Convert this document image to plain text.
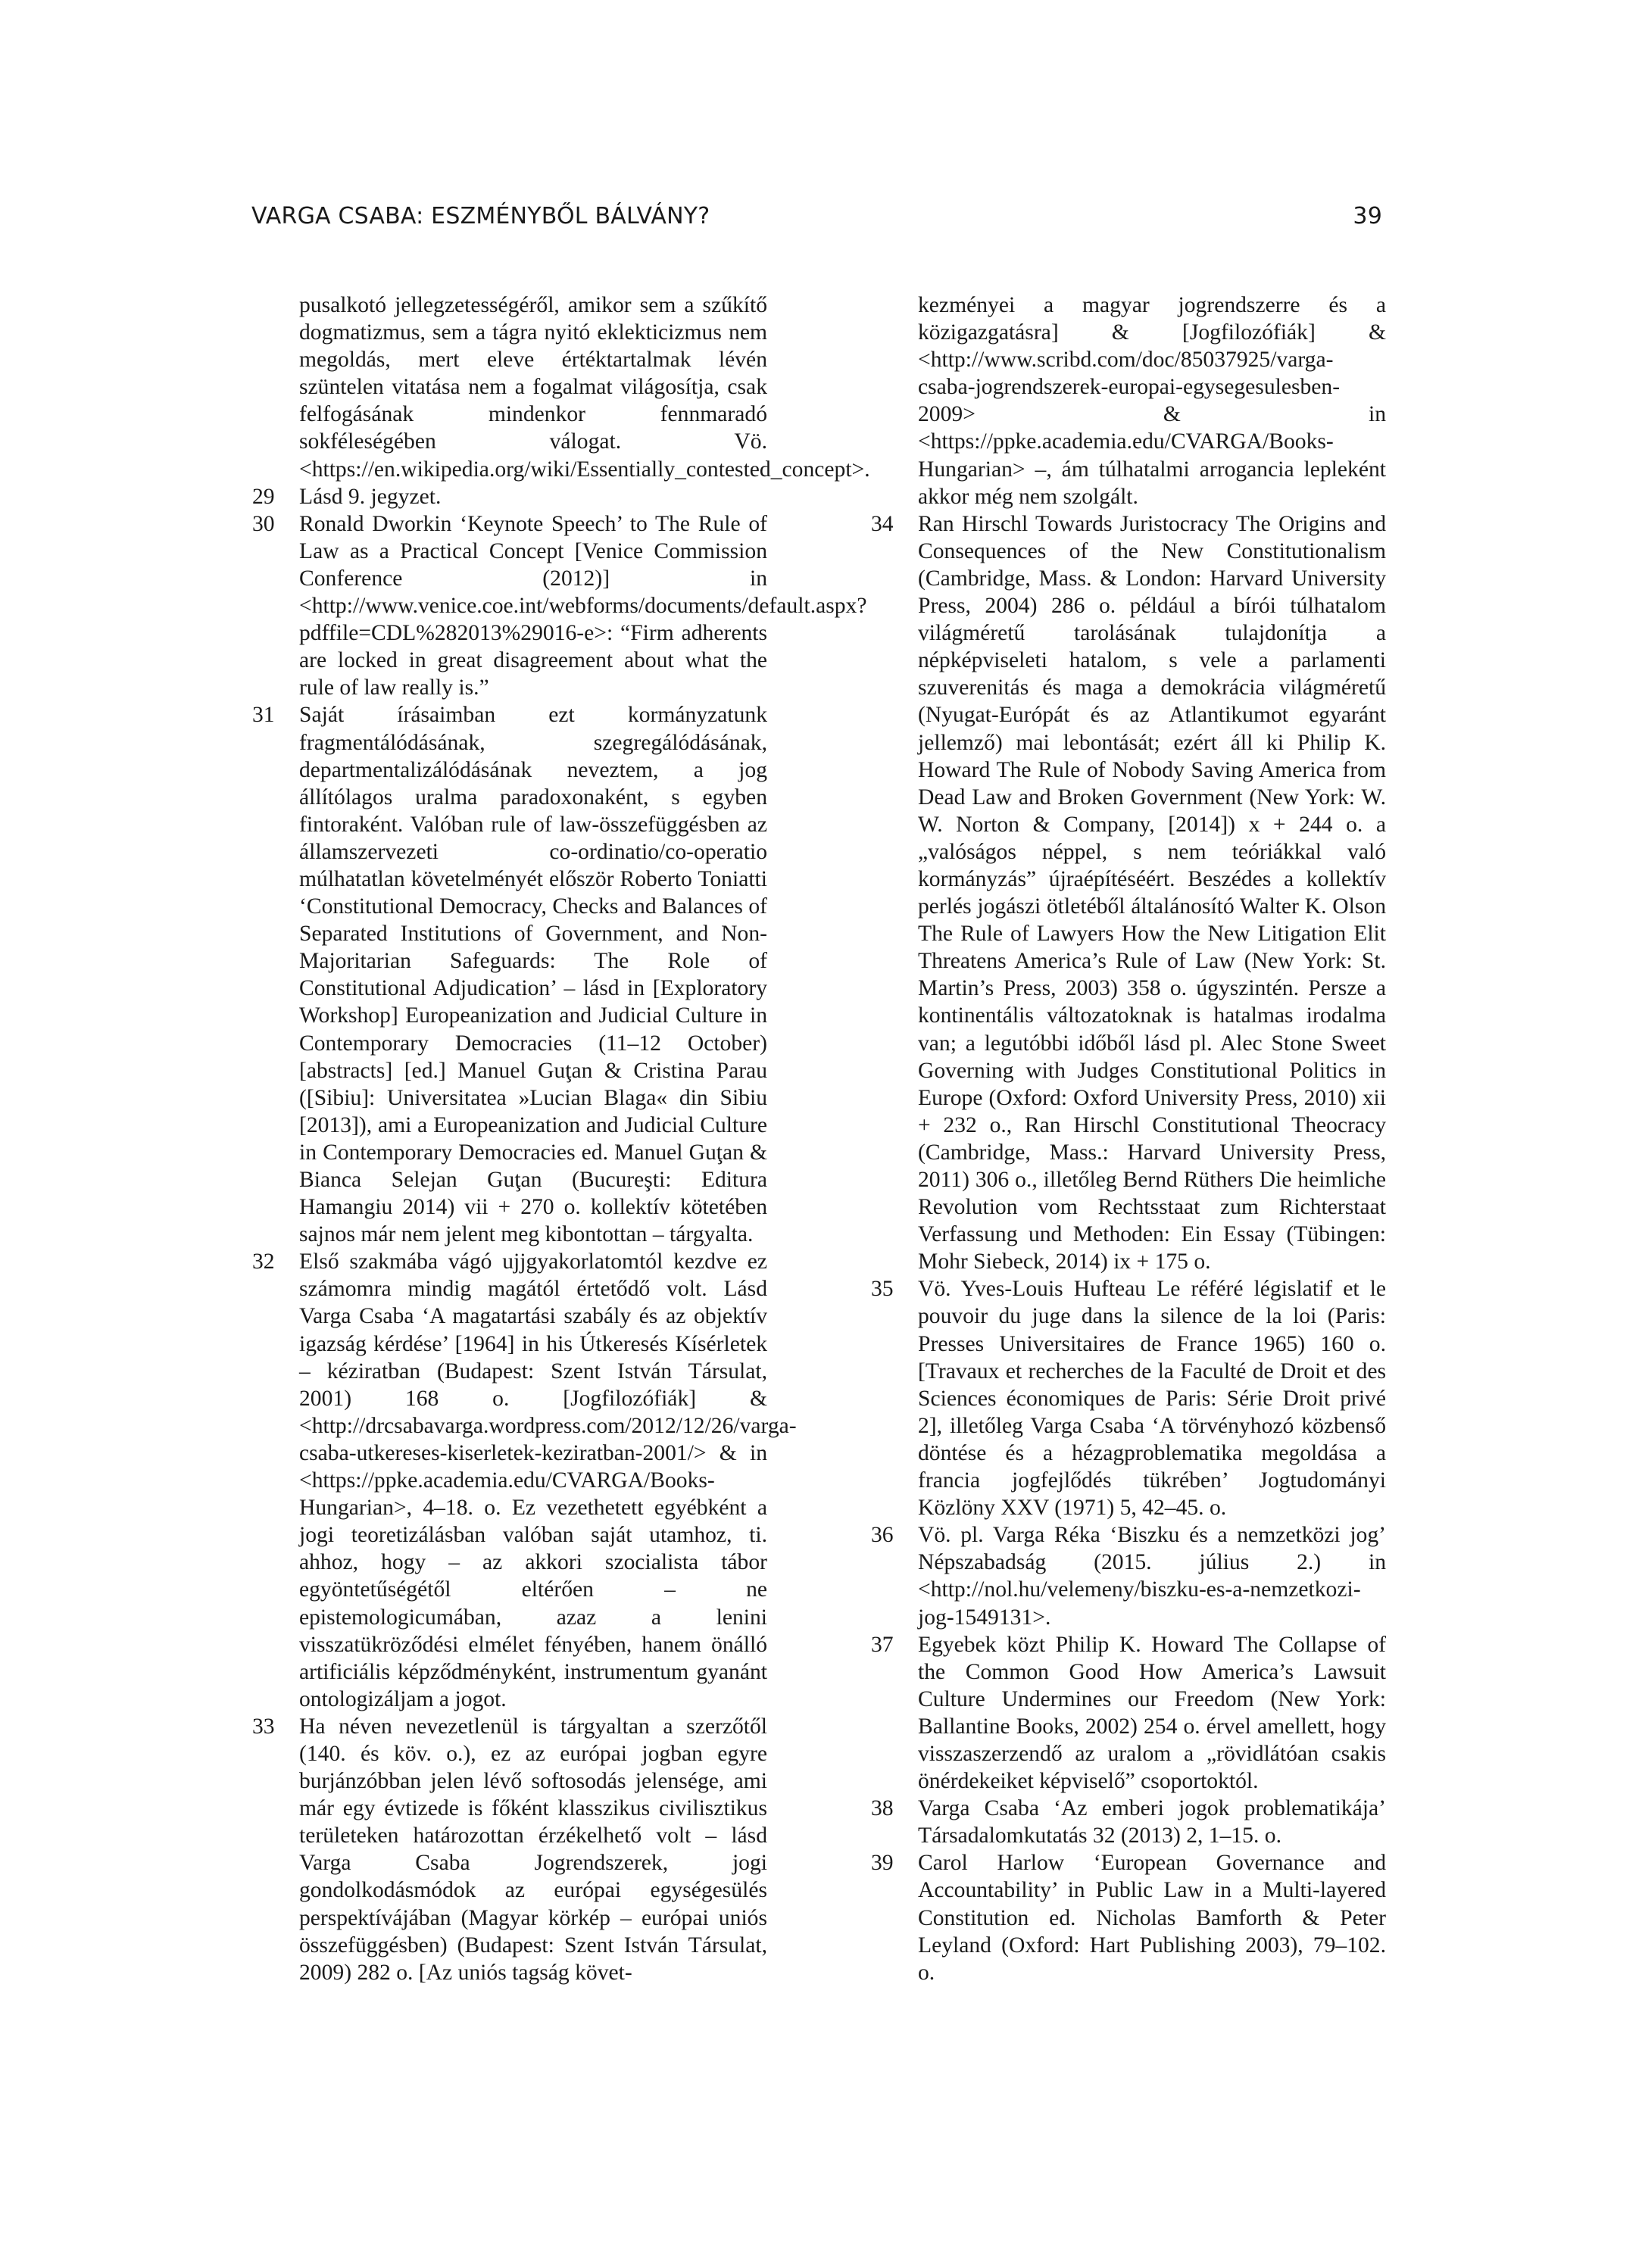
VARGA CSABA: ESZMÉNYBŐL BÁLVÁNY?	39
pusalkotó jellegzetességéről, amikor sem a szűkítő dogmatizmus, sem a tágra nyitó eklekticizmus nem megoldás, mert eleve értéktartalmak lévén szüntelen vitatása nem a fogalmat világosítja, csak felfogásának mindenkor fennmaradó sokféleségében válogat. Vö. <https://en.wikipedia.org/wiki/Essentially_contested_concept>.
29 Lásd 9. jegyzet.
30 Ronald Dworkin ‘Keynote Speech’ to The Rule of Law as a Practical Concept [Venice Commission Conference (2012)] in <http://www.venice.coe.int/webforms/documents/default.aspx?pdffile=CDL%282013%29016-e>: “Firm adherents are locked in great disagreement about what the rule of law really is.”
31 Saját írásaimban ezt kormányzatunk fragmentálódásának, szegregálódásának, departmentalizálódásának neveztem, a jog állítólagos uralma paradoxonaként, s egyben fintoraként. Valóban rule of law-összefüggésben az államszervezeti co-ordinatio/co-operatio múlhatatlan követelményét először Roberto Toniatti ‘Constitutional Democracy, Checks and Balances of Separated Institutions of Government, and Non-Majoritarian Safeguards: The Role of Constitutional Adjudication’ – lásd in [Exploratory Workshop] Europeanization and Judicial Culture in Contemporary Democracies (11–12 October) [abstracts] [ed.] Manuel Guţan & Cristina Parau ([Sibiu]: Universitatea »Lucian Blaga« din Sibiu [2013]), ami a Europeanization and Judicial Culture in Contemporary Democracies ed. Manuel Guţan & Bianca Selejan Guţan (Bucureşti: Editura Hamangiu 2014) vii + 270 o. kollektív kötetében sajnos már nem jelent meg kibontottan – tárgyalta.
32 Első szakmába vágó ujjgyakorlatomtól kezdve ez számomra mindig magától értetődő volt. Lásd Varga Csaba ‘A magatartási szabály és az objektív igazság kérdése’ [1964] in his Útkeresés Kísérletek – kéziratban (Budapest: Szent István Társulat, 2001) 168 o. [Jogfilozófiák] & <http://drcsabavarga.wordpress.com/2012/12/26/varga-csaba-utkereses-kiserletek-keziratban-2001/> & in <https://ppke.academia.edu/CVARGA/Books-Hungarian>, 4–18. o. Ez vezethetett egyébként a jogi teoretizálásban valóban saját utamhoz, ti. ahhoz, hogy – az akkori szocialista tábor egyöntetűségétől eltérően – ne epistemologicumában, azaz a lenini visszatükröződési elmélet fényében, hanem önálló artificiális képződményként, instrumentum gyanánt ontologizáljam a jogot.
33 Ha néven nevezetlenül is tárgyaltan a szerzőtől (140. és köv. o.), ez az európai jogban egyre burjánzóbban jelen lévő softosodás jelensége, ami már egy évtizede is főként klasszikus civilisztikus területeken határozottan érzékelhető volt – lásd Varga Csaba Jogrendszerek, jogi gondolkodásmódok az európai egységesülés perspektívájában (Magyar körkép – európai uniós összefüggésben) (Budapest: Szent István Társulat, 2009) 282 o. [Az uniós tagság követ-
kezményei a magyar jogrendszerre és a közigazgatásra] & [Jogfilozófiák] & <http://www.scribd.com/doc/85037925/varga-csaba-jogrendszerek-europai-egysegesulesben-2009> & in <https://ppke.academia.edu/CVARGA/Books-Hungarian> –, ám túlhatalmi arrogancia lepleként akkor még nem szolgált.
34 Ran Hirschl Towards Juristocracy The Origins and Consequences of the New Constitutionalism (Cambridge, Mass. & London: Harvard University Press, 2004) 286 o. például a bírói túlhatalom világméretű tarolásának tulajdonítja a népképviseleti hatalom, s vele a parlamenti szuverenitás és maga a demokrácia világméretű (Nyugat-Európát és az Atlantikumot egyaránt jellemző) mai lebontását; ezért áll ki Philip K. Howard The Rule of Nobody Saving America from Dead Law and Broken Government (New York: W. W. Norton & Company, [2014]) x + 244 o. a „valóságos néppel, s nem teóriákkal való kormányzás” újraépítéséért. Beszédes a kollektív perlés jogászi ötletéből általánosító Walter K. Olson The Rule of Lawyers How the New Litigation Elit Threatens America’s Rule of Law (New York: St. Martin’s Press, 2003) 358 o. úgyszintén. Persze a kontinentális változatoknak is hatalmas irodalma van; a legutóbbi időből lásd pl. Alec Stone Sweet Governing with Judges Constitutional Politics in Europe (Oxford: Oxford University Press, 2010) xii + 232 o., Ran Hirschl Constitutional Theocracy (Cambridge, Mass.: Harvard University Press, 2011) 306 o., illetőleg Bernd Rüthers Die heimliche Revolution vom Rechtsstaat zum Richterstaat Verfassung und Methoden: Ein Essay (Tübingen: Mohr Siebeck, 2014) ix + 175 o.
35 Vö. Yves-Louis Hufteau Le référé législatif et le pouvoir du juge dans la silence de la loi (Paris: Presses Universitaires de France 1965) 160 o. [Travaux et recherches de la Faculté de Droit et des Sciences économiques de Paris: Série Droit privé 2], illetőleg Varga Csaba ‘A törvényhozó közbenső döntése és a hézagproblematika megoldása a francia jogfejlődés tükrében’ Jogtudományi Közlöny XXV (1971) 5, 42–45. o.
36 Vö. pl. Varga Réka ‘Biszku és a nemzetközi jog’ Népszabadság (2015. július 2.) in <http://nol.hu/velemeny/biszku-es-a-nemzetkozi-jog-1549131>.
37 Egyebek közt Philip K. Howard The Collapse of the Common Good How America’s Lawsuit Culture Undermines our Freedom (New York: Ballantine Books, 2002) 254 o. érvel amellett, hogy visszaszerzendő az uralom a „rövidlátóan csakis önérdekeiket képviselő” csoportoktól.
38 Varga Csaba ‘Az emberi jogok problematikája’ Társadalomkutatás 32 (2013) 2, 1–15. o.
39 Carol Harlow ‘European Governance and Accountability’ in Public Law in a Multi-layered Constitution ed. Nicholas Bamforth & Peter Leyland (Oxford: Hart Publishing 2003), 79–102. o.
